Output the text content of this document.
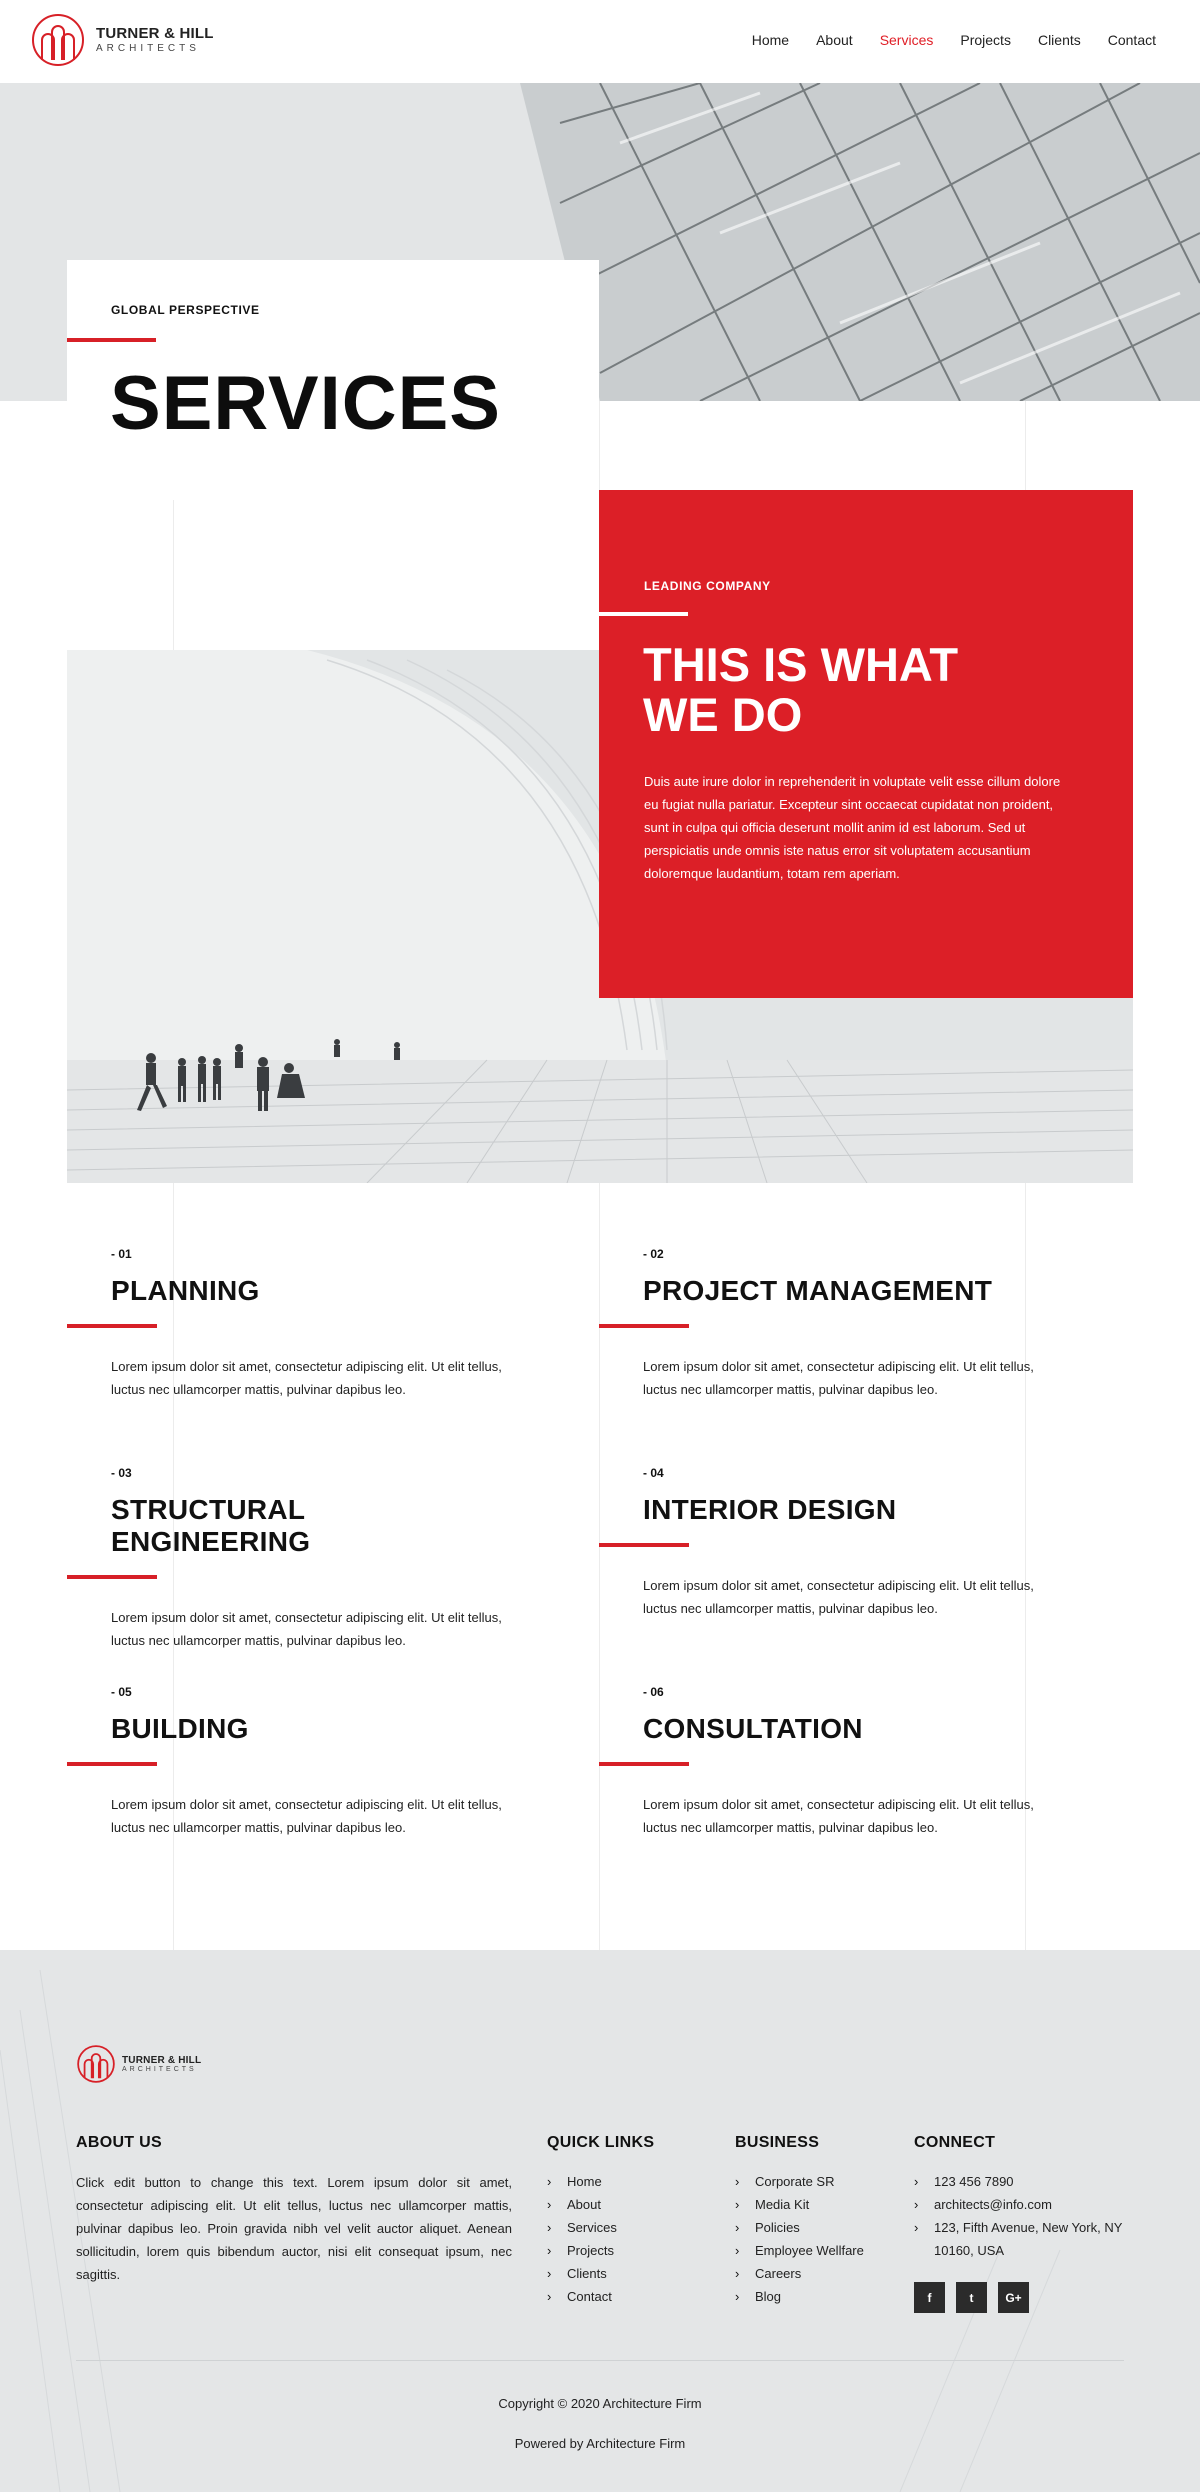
TURNER & HILL
ARCHITECTS
Home About Services Projects Clients Contact
GLOBAL PERSPECTIVE
SERVICES
LEADING COMPANY
THIS IS WHAT
WE DO

Duis aute irure dolor in reprehenderit in voluptate velit esse cillum dolore eu fugiat nulla pariatur. Excepteur sint occaecat cupidatat non proident, sunt in culpa qui officia deserunt mollit anim id est laborum. Sed ut perspiciatis unde omnis iste natus error sit voluptatem accusantium doloremque laudantium, totam rem aperiam.

- 01
PLANNING

Lorem ipsum dolor sit amet, consectetur adipiscing elit. Ut elit tellus, luctus nec ullamcorper mattis, pulvinar dapibus leo.

- 02
PROJECT MANAGEMENT

Lorem ipsum dolor sit amet, consectetur adipiscing elit. Ut elit tellus, luctus nec ullamcorper mattis, pulvinar dapibus leo.

- 03
STRUCTURAL ENGINEERING

Lorem ipsum dolor sit amet, consectetur adipiscing elit. Ut elit tellus, luctus nec ullamcorper mattis, pulvinar dapibus leo.

- 04
INTERIOR DESIGN

Lorem ipsum dolor sit amet, consectetur adipiscing elit. Ut elit tellus, luctus nec ullamcorper mattis, pulvinar dapibus leo.

- 05
BUILDING

Lorem ipsum dolor sit amet, consectetur adipiscing elit. Ut elit tellus, luctus nec ullamcorper mattis, pulvinar dapibus leo.

- 06
CONSULTATION

Lorem ipsum dolor sit amet, consectetur adipiscing elit. Ut elit tellus, luctus nec ullamcorper mattis, pulvinar dapibus leo.

TURNER & HILL
ARCHITECTS
ABOUT US

Click edit button to change this text. Lorem ipsum dolor sit amet, consectetur adipiscing elit. Ut elit tellus, luctus nec ullamcorper mattis, pulvinar dapibus leo. Proin gravida nibh vel velit auctor aliquet. Aenean sollicitudin, lorem quis bibendum auctor, nisi elit consequat ipsum, nec sagittis.

QUICK LINKS
›	Home
›	About
›	Services
›	Projects
›	Clients
›	Contact
BUSINESS
›	Corporate SR
›	Media Kit
›	Policies
›	Employee Wellfare
›	Careers
›	Blog
CONNECT
›	123 456 7890
›	architects@info.com
›	123, Fifth Avenue, New York, NY 10160, USA
f	t	G+
Copyright © 2020 Architecture Firm
Powered by Architecture Firm
